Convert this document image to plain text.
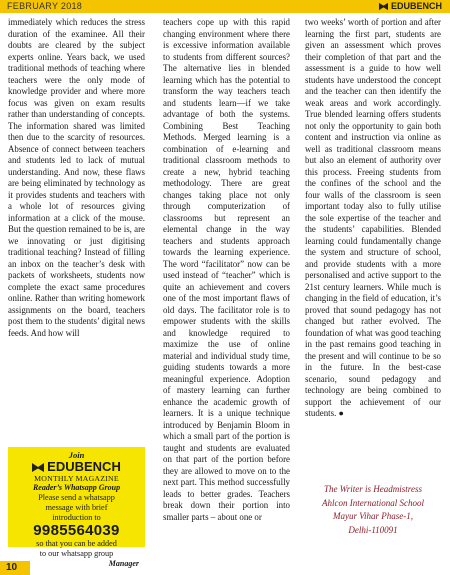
FEBRUARY 2018	EDUBENCH

immediately which reduces the stress duration of the examinee. All their doubts are cleared by the subject experts online. Years back, we used traditional methods of teaching where teachers were the only mode of knowledge provider and where more focus was given on exam results rather than understanding of concepts. The information shared was limited then due to the scarcity of resources. Absence of connect between teachers and students led to lack of mutual understanding. And now, these flaws are being eliminated by technology as it provides students and teachers with a whole lot of resources giving information at a click of the mouse. But the question remained to be is, are we innovating or just digitising traditional teaching? Instead of filling an inbox on the teacher’s desk with packets of worksheets, students now complete the exact same procedures online. Rather than writing homework assignments on the board, teachers post them to the students’ digital news feeds. And how will

Join
EDUBENCH
MONTHLY MAGAZINE
Reader’s Whatsapp Group
Please send a whatsapp
message with brief
introduction to
9985564039
so that you can be added
to our whatsapp group
Manager

teachers cope up with this rapid changing environment where there is excessive information available to students from different sources? The alternative lies in blended learning which has the potential to transform the way teachers teach and students learn—if we take advantage of both the systems. Combining Best Teaching Methods. Merged learning is a combination of e-learning and traditional classroom methods to create a new, hybrid teaching methodology. There are great changes taking place not only through computerization of classrooms but represent an elemental change in the way teachers and students approach towards the learning experience. The word “facilitator” now can be used instead of “teacher” which is quite an achievement and covers one of the most important flaws of old days. The facilitator role is to empower students with the skills and knowledge required to maximize the use of online material and individual study time, guiding students towards a more meaningful experience. Adoption of mastery learning can further enhance the academic growth of learners. It is a unique technique introduced by Benjamin Bloom in which a small part of the portion is taught and students are evaluated on that part of the portion before they are allowed to move on to the next part. This method successfully leads to better grades. Teachers break down their portion into smaller parts – about one or

two weeks’ worth of portion and after learning the first part, students are given an assessment which proves their completion of that part and the assessment is a guide to how well students have understood the concept and the teacher can then identify the weak areas and work accordingly. True blended learning offers students not only the opportunity to gain both content and instruction via online as well as traditional classroom means but also an element of authority over this process. Freeing students from the confines of the school and the four walls of the classroom is seen important today also to fully utilise the sole expertise of the teacher and the students’ capabilities. Blended learning could fundamentally change the system and structure of school, and provide students with a more personalised and active support to the 21st century learners. While much is changing in the field of education, it’s proved that sound pedagogy has not changed but rather evolved. The foundation of what was good teaching in the past remains good teaching in the present and will continue to be so in the future. In the best-case scenario, sound pedagogy and technology are being combined to support the achievement of our students. ●

The Writer is Headmistress
Ahlcon International School
Mayur Vihar Phase-1,
Delhi-110091
10
